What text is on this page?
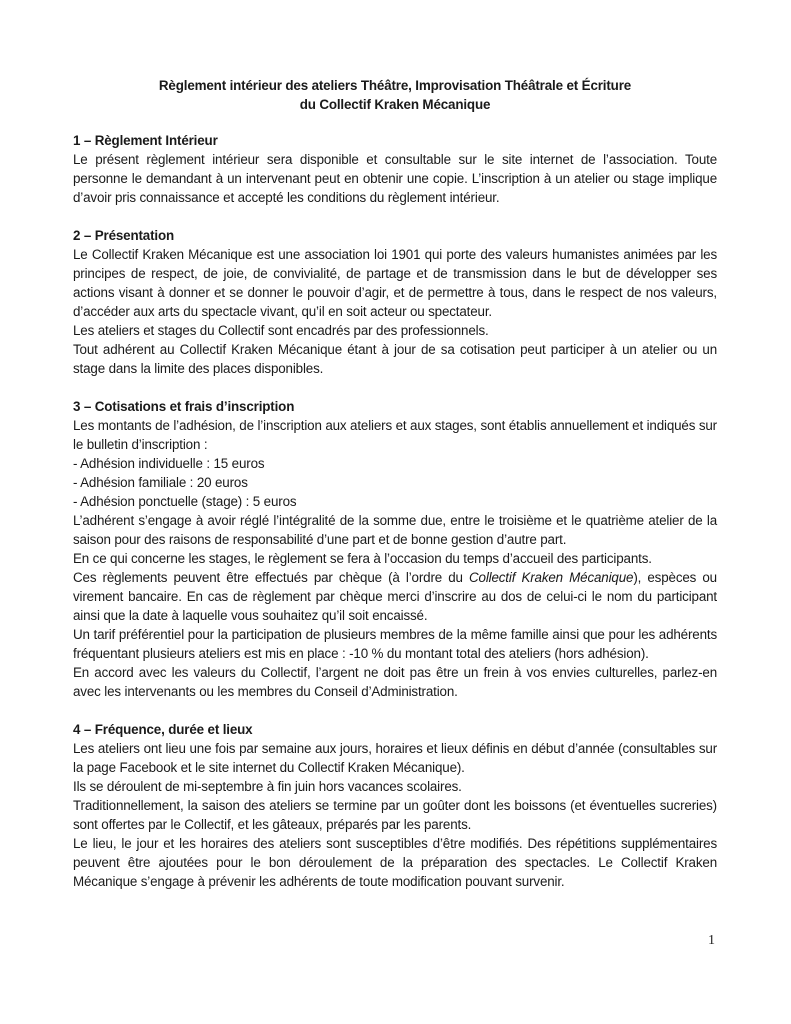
Règlement intérieur des ateliers Théâtre, Improvisation Théâtrale et Écriture
du Collectif Kraken Mécanique
1 – Règlement Intérieur

Le présent règlement intérieur sera disponible et consultable sur le site internet de l’association. Toute personne le demandant à un intervenant peut en obtenir une copie. L’inscription à un atelier ou stage implique d’avoir pris connaissance et accepté les conditions du règlement intérieur.

2 – Présentation

Le Collectif Kraken Mécanique est une association loi 1901 qui porte des valeurs humanistes animées par les principes de respect, de joie, de convivialité, de partage et de transmission dans le but de développer ses actions visant à donner et se donner le pouvoir d’agir, et de permettre à tous, dans le respect de nos valeurs, d’accéder aux arts du spectacle vivant, qu’il en soit acteur ou spectateur.

Les ateliers et stages du Collectif sont encadrés par des professionnels.

Tout adhérent au Collectif Kraken Mécanique étant à jour de sa cotisation peut participer à un atelier ou un stage dans la limite des places disponibles.

3 – Cotisations et frais d’inscription

Les montants de l’adhésion, de l’inscription aux ateliers et aux stages, sont établis annuellement et indiqués sur le bulletin d’inscription :

- Adhésion individuelle : 15 euros

- Adhésion familiale : 20 euros

- Adhésion ponctuelle (stage) : 5 euros

L’adhérent s’engage à avoir réglé l’intégralité de la somme due, entre le troisième et le quatrième atelier de la saison pour des raisons de responsabilité d’une part et de bonne gestion d’autre part.

En ce qui concerne les stages, le règlement se fera à l’occasion du temps d’accueil des participants.

Ces règlements peuvent être effectués par chèque (à l’ordre du Collectif Kraken Mécanique), espèces ou virement bancaire. En cas de règlement par chèque merci d’inscrire au dos de celui-ci le nom du participant ainsi que la date à laquelle vous souhaitez qu’il soit encaissé.

Un tarif préférentiel pour la participation de plusieurs membres de la même famille ainsi que pour les adhérents fréquentant plusieurs ateliers est mis en place : -10 % du montant total des ateliers (hors adhésion).

En accord avec les valeurs du Collectif, l’argent ne doit pas être un frein à vos envies culturelles, parlez-en avec les intervenants ou les membres du Conseil d’Administration.

4 – Fréquence, durée et lieux

Les ateliers ont lieu une fois par semaine aux jours, horaires et lieux définis en début d’année (consultables sur la page Facebook et le site internet du Collectif Kraken Mécanique).

Ils se déroulent de mi-septembre à fin juin hors vacances scolaires.

Traditionnellement, la saison des ateliers se termine par un goûter dont les boissons (et éventuelles sucreries) sont offertes par le Collectif, et les gâteaux, préparés par les parents.

Le lieu, le jour et les horaires des ateliers sont susceptibles d’être modifiés. Des répétitions supplémentaires peuvent être ajoutées pour le bon déroulement de la préparation des spectacles. Le Collectif Kraken Mécanique s’engage à prévenir les adhérents de toute modification pouvant survenir.

1
